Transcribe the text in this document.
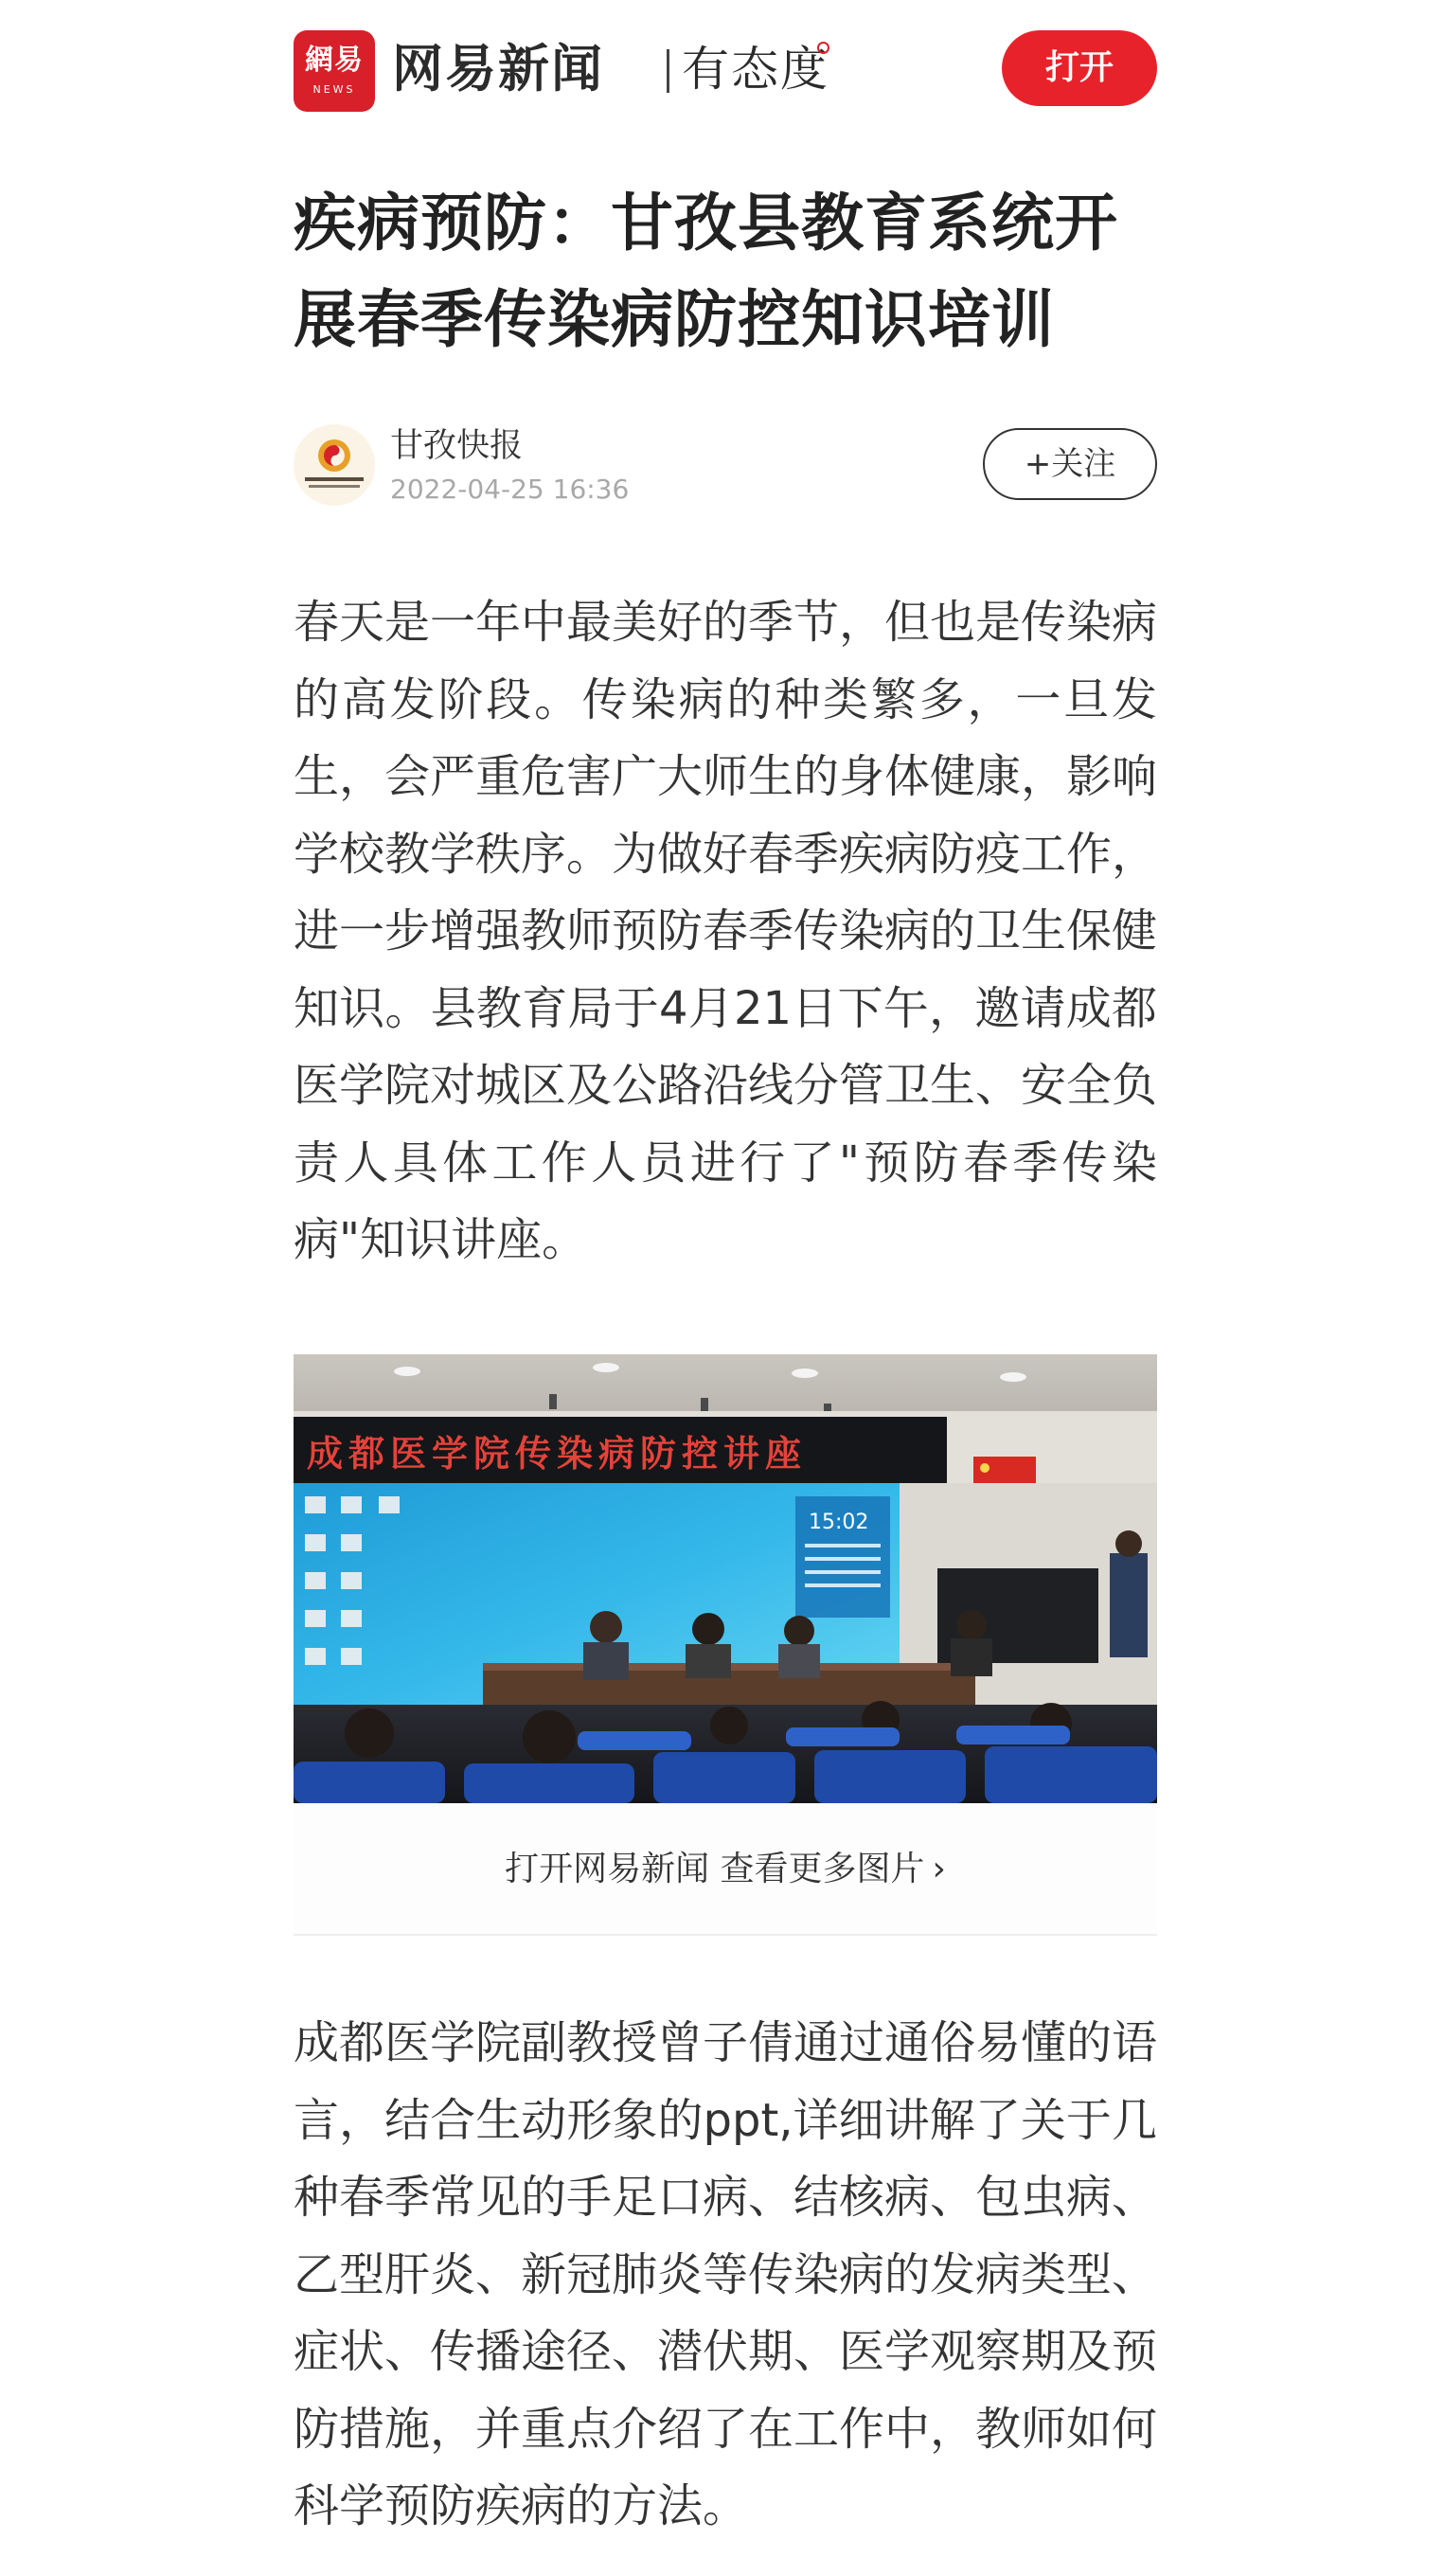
網易
NEWS 网易新闻 有态度	打开
疾病预防：甘孜县教育系统开展春季传染病防控知识培训
甘孜快报
2022-04-25 16:36
+关注

春天是一年中最美好的季节，但也是传染病的高发阶段。传染病的种类繁多，一旦发生，会严重危害广大师生的身体健康，影响学校教学秩序。为做好春季疾病防疫工作，进一步增强教师预防春季传染病的卫生保健知识。县教育局于4月21日下午，邀请成都医学院对城区及公路沿线分管卫生、安全负责人具体工作人员进行了"预防春季传染病"知识讲座。

成都医学院传染病防控讲座
15:02
打开网易新闻 查看更多图片 ›

成都医学院副教授曾子倩通过通俗易懂的语言，结合生动形象的ppt,详细讲解了关于几种春季常见的手足口病、结核病、包虫病、乙型肝炎、新冠肺炎等传染病的发病类型、症状、传播途径、潜伏期、医学观察期及预防措施，并重点介绍了在工作中，教师如何科学预防疾病的方法。
